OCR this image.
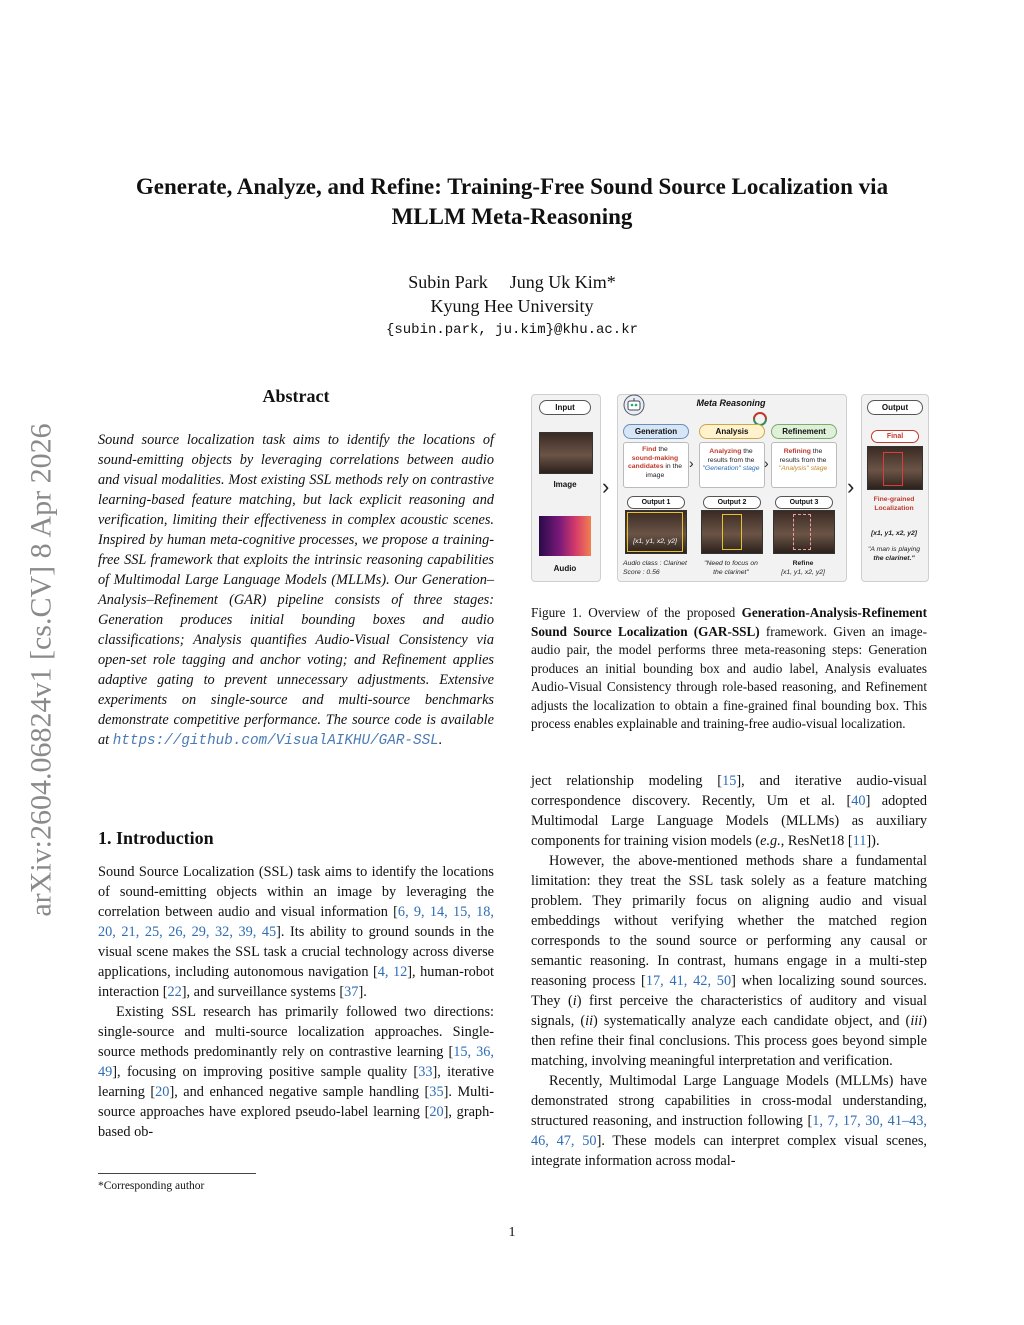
Generate, Analyze, and Refine: Training-Free Sound Source Localization via
MLLM Meta-Reasoning
Subin Park Jung Uk Kim*
Kyung Hee University
{subin.park, ju.kim}@khu.ac.kr
arXiv:2604.06824v1 [cs.CV] 8 Apr 2026
Abstract

Sound source localization task aims to identify the locations of sound-emitting objects by leveraging correlations between audio and visual modalities. Most existing SSL methods rely on contrastive learning-based feature matching, but lack explicit reasoning and verification, limiting their effectiveness in complex acoustic scenes. Inspired by human meta-cognitive processes, we propose a training-free SSL framework that exploits the intrinsic reasoning capabilities of Multimodal Large Language Models (MLLMs). Our Generation–Analysis–Refinement (GAR) pipeline consists of three stages: Generation produces initial bounding boxes and audio classifications; Analysis quantifies Audio-Visual Consistency via open-set role tagging and anchor voting; and Refinement applies adaptive gating to prevent unnecessary adjustments. Extensive experiments on single-source and multi-source benchmarks demonstrate competitive performance. The source code is available at https://github.com/VisualAIKHU/GAR-SSL.

1. Introduction

Sound Source Localization (SSL) task aims to identify the locations of sound-emitting objects within an image by leveraging the correlation between audio and visual information [6, 9, 14, 15, 18, 20, 21, 25, 26, 29, 32, 39, 45]. Its ability to ground sounds in the visual scene makes the SSL task a crucial technology across diverse applications, including autonomous navigation [4, 12], human-robot interaction [22], and surveillance systems [37].

Existing SSL research has primarily followed two directions: single-source and multi-source localization approaches. Single-source methods predominantly rely on contrastive learning [15, 36, 49], focusing on improving positive sample quality [33], iterative learning [20], and enhanced negative sample handling [35]. Multi-source approaches have explored pseudo-label learning [20], graph-based ob-

*Corresponding author
Input
Image
Audio
›
Meta Reasoning
Generation	Analysis	Refinement
Find the
sound-making candidates in the image
›
Analyzing the results from the
"Generation" stage ›
Refining the results from the
"Analysis" stage
Output 1	Output 2	Output 3
[x1, y1, x2, y2]
Audio class : Clarinet
Score : 0.56
"Need to focus on the clarinet"
Refine
[x1, y1, x2, y2]
›
Output
Final
Fine-grained Localization
[x1, y1, x2, y2]
"A man is playing
the clarinet."

Figure 1. Overview of the proposed Generation-Analysis-Refinement Sound Source Localization (GAR-SSL) framework. Given an image-audio pair, the model performs three meta-reasoning steps: Generation produces an initial bounding box and audio label, Analysis evaluates Audio-Visual Consistency through role-based reasoning, and Refinement adjusts the localization to obtain a fine-grained final bounding box. This process enables explainable and training-free audio-visual localization.

ject relationship modeling [15], and iterative audio-visual correspondence discovery. Recently, Um et al. [40] adopted Multimodal Large Language Models (MLLMs) as auxiliary components for training vision models (e.g., ResNet18 [11]).

However, the above-mentioned methods share a fundamental limitation: they treat the SSL task solely as a feature matching problem. They primarily focus on aligning audio and visual embeddings without verifying whether the matched region corresponds to the sound source or performing any causal or semantic reasoning. In contrast, humans engage in a multi-step reasoning process [17, 41, 42, 50] when localizing sound sources. They (i) first perceive the characteristics of auditory and visual signals, (ii) systematically analyze each candidate object, and (iii) then refine their final conclusions. This process goes beyond simple matching, involving meaningful interpretation and verification.

Recently, Multimodal Large Language Models (MLLMs) have demonstrated strong capabilities in cross-modal understanding, structured reasoning, and instruction following [1, 7, 17, 30, 41–43, 46, 47, 50]. These models can interpret complex visual scenes, integrate information across modal-

1
